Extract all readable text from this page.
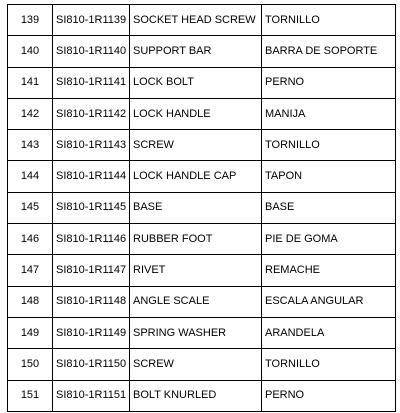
139	SI810-1R1139	SOCKET HEAD SCREW	TORNILLO
140	SI810-1R1140	SUPPORT BAR	BARRA DE SOPORTE
141	SI810-1R1141	LOCK BOLT	PERNO
142	SI810-1R1142	LOCK HANDLE	MANIJA
143	SI810-1R1143	SCREW	TORNILLO
144	SI810-1R1144	LOCK HANDLE CAP	TAPON
145	SI810-1R1145	BASE	BASE
146	SI810-1R1146	RUBBER FOOT	PIE DE GOMA
147	SI810-1R1147	RIVET	REMACHE
148	SI810-1R1148	ANGLE SCALE	ESCALA ANGULAR
149	SI810-1R1149	SPRING WASHER	ARANDELA
150	SI810-1R1150	SCREW	TORNILLO
151	SI810-1R1151	BOLT KNURLED	PERNO
